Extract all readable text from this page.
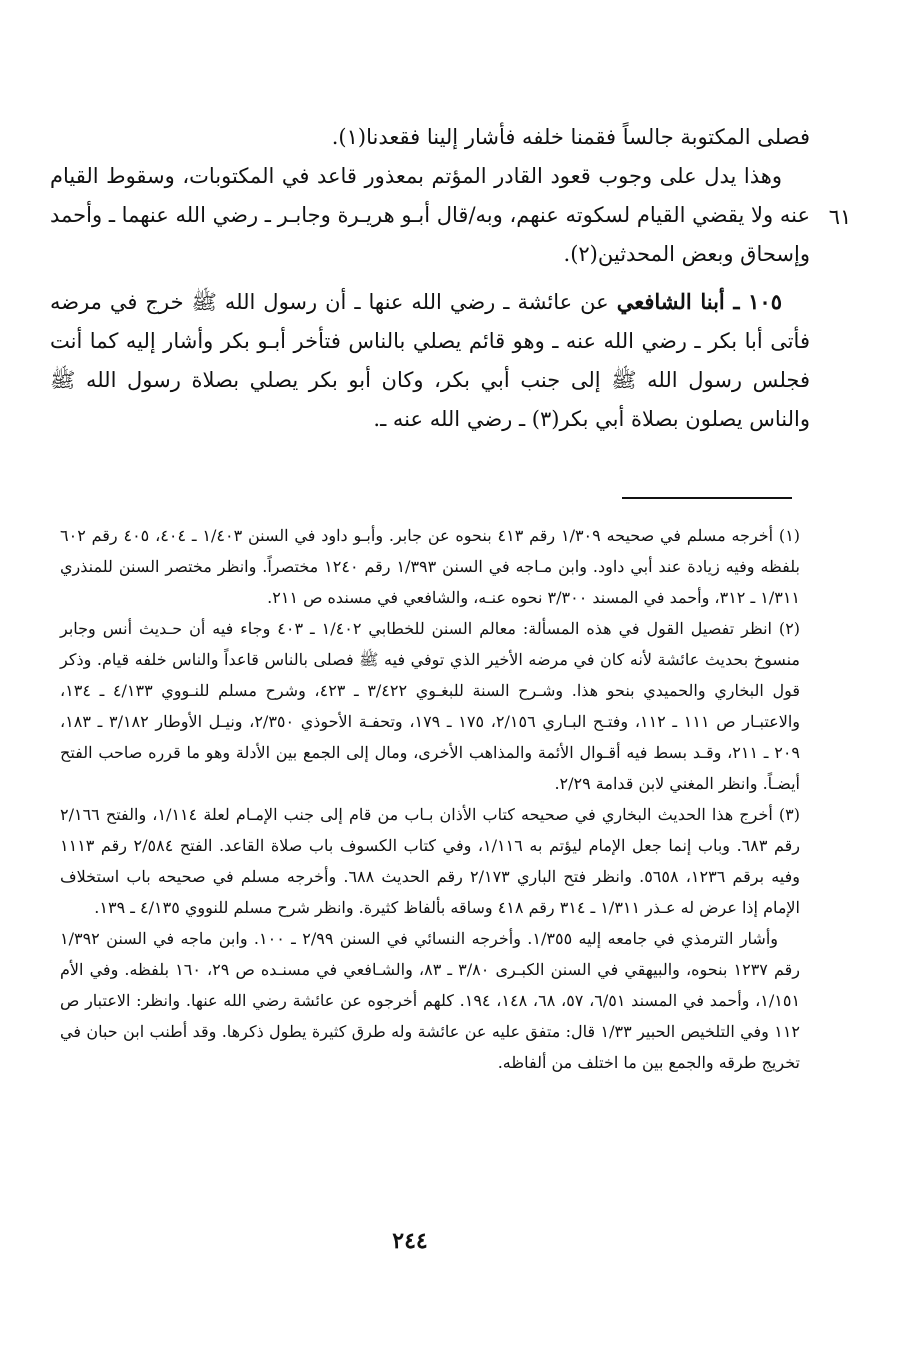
فصلى المكتوبة جالساً فقمنا خلفه فأشار إلينا فقعدنا(١).

وهذا يدل على وجوب قعود القادر المؤتم بمعذور قاعد في المكتوبات، وسقوط القيام عنه ولا يقضي القيام لسكوته عنهم، وبه/قال أبـو هريـرة وجابـر ـ رضي الله عنهما ـ وأحمد وإسحاق وبعض المحدثين(٢).

١٠٥ ـ أبنا الشافعي عن عائشة ـ رضي الله عنها ـ أن رسول الله ﷺ خرج في مرضه فأتى أبا بكر ـ رضي الله عنه ـ وهو قائم يصلي بالناس فتأخر أبـو بكر وأشار إليه كما أنت فجلس رسول الله ﷺ إلى جنب أبي بكر، وكان أبو بكر يصلي بصلاة رسول الله ﷺ والناس يصلون بصلاة أبي بكر(٣) ـ رضي الله عنه ـ.

٦١

(١) أخرجه مسلم في صحيحه ١/٣٠٩ رقم ٤١٣ بنحوه عن جابر. وأبـو داود في السنن ١/٤٠٣ ـ ٤٠٤، ٤٠٥ رقم ٦٠٢ بلفظه وفيه زيادة عند أبي داود. وابن مـاجه في السنن ١/٣٩٣ رقم ١٢٤٠ مختصراً. وانظر مختصر السنن للمنذري ١/٣١١ ـ ٣١٢، وأحمد في المسند ٣/٣٠٠ نحوه عنـه، والشافعي في مسنده ص ٢١١.

(٢) انظر تفصيل القول في هذه المسألة: معالم السنن للخطابي ١/٤٠٢ ـ ٤٠٣ وجاء فيه أن حـديث أنس وجابر منسوخ بحديث عائشة لأنه كان في مرضه الأخير الذي توفي فيه ﷺ فصلى بالناس قاعداً والناس خلفه قيام. وذكر قول البخاري والحميدي بنحو هذا. وشـرح السنة للبغـوي ٣/٤٢٢ ـ ٤٢٣، وشرح مسلم للنـووي ٤/١٣٣ ـ ١٣٤، والاعتبـار ص ١١١ ـ ١١٢، وفتـح البـاري ٢/١٥٦، ١٧٥ ـ ١٧٩، وتحفـة الأحوذي ٢/٣٥٠، ونيـل الأوطار ٣/١٨٢ ـ ١٨٣، ٢٠٩ ـ ٢١١، وقـد بسط فيه أقـوال الأئمة والمذاهب الأخرى، ومال إلى الجمع بين الأدلة وهو ما قرره صاحب الفتح أيضـاً. وانظر المغني لابن قدامة ٢/٢٩.

(٣) أخرج هذا الحديث البخاري في صحيحه كتاب الأذان بـاب من قام إلى جنب الإمـام لعلة ١/١١٤، والفتح ٢/١٦٦ رقم ٦٨٣. وباب إنما جعل الإمام ليؤتم به ١/١١٦، وفي كتاب الكسوف باب صلاة القاعد. الفتح ٢/٥٨٤ رقم ١١١٣ وفيه برقم ١٢٣٦، ٥٦٥٨. وانظر فتح الباري ٢/١٧٣ رقم الحديث ٦٨٨. وأخرجه مسلم في صحيحه باب استخلاف الإمام إذا عرض له عـذر ١/٣١١ ـ ٣١٤ رقم ٤١٨ وساقه بألفاظ كثيرة. وانظر شرح مسلم للنووي ٤/١٣٥ ـ ١٣٩.

وأشار الترمذي في جامعه إليه ١/٣٥٥. وأخرجه النسائي في السنن ٢/٩٩ ـ ١٠٠. وابن ماجه في السنن ١/٣٩٢ رقم ١٢٣٧ بنحوه، والبيهقي في السنن الكبـرى ٣/٨٠ ـ ٨٣، والشـافعي في مسنـده ص ٢٩، ١٦٠ بلفظه. وفي الأم ١/١٥١، وأحمد في المسند ٦/٥١، ٥٧، ٦٨، ١٤٨، ١٩٤. كلهم أخرجوه عن عائشة رضي الله عنها. وانظر: الاعتبار ص ١١٢ وفي التلخيص الحبير ١/٣٣ قال: متفق عليه عن عائشة وله طرق كثيرة يطول ذكرها. وقد أطنب ابن حبان في تخريج طرقه والجمع بين ما اختلف من ألفاظه.

٢٤٤
